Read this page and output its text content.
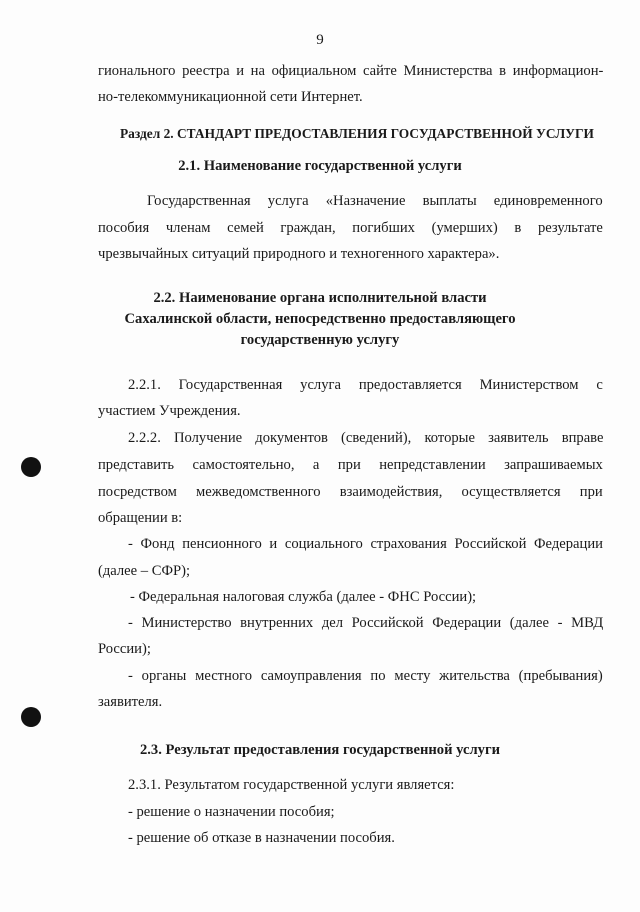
9
гионального реестра и на официальном сайте Министерства в информацион-
но-телекоммуникационной сети Интернет.
Раздел 2. СТАНДАРТ ПРЕДОСТАВЛЕНИЯ ГОСУДАРСТВЕННОЙ УСЛУГИ
2.1. Наименование государственной услуги
Государственная услуга «Назначение выплаты единовременного
пособия членам семей граждан, погибших (умерших) в результате
чрезвычайных ситуаций природного и техногенного характера».
2.2. Наименование органа исполнительной власти
Сахалинской области, непосредственно предоставляющего
государственную услугу
2.2.1. Государственная услуга предоставляется Министерством с
участием Учреждения.
2.2.2. Получение документов (сведений), которые заявитель вправе
представить самостоятельно, а при непредставлении запрашиваемых
посредством межведомственного взаимодействия, осуществляется при
обращении в:
- Фонд пенсионного и социального страхования Российской Федерации
(далее – СФР);
- Федеральная налоговая служба (далее - ФНС России);
- Министерство внутренних дел Российской Федерации (далее - МВД
России);
- органы местного самоуправления по месту жительства (пребывания)
заявителя.
2.3. Результат предоставления государственной услуги
2.3.1. Результатом государственной услуги является:
- решение о назначении пособия;
- решение об отказе в назначении пособия.
